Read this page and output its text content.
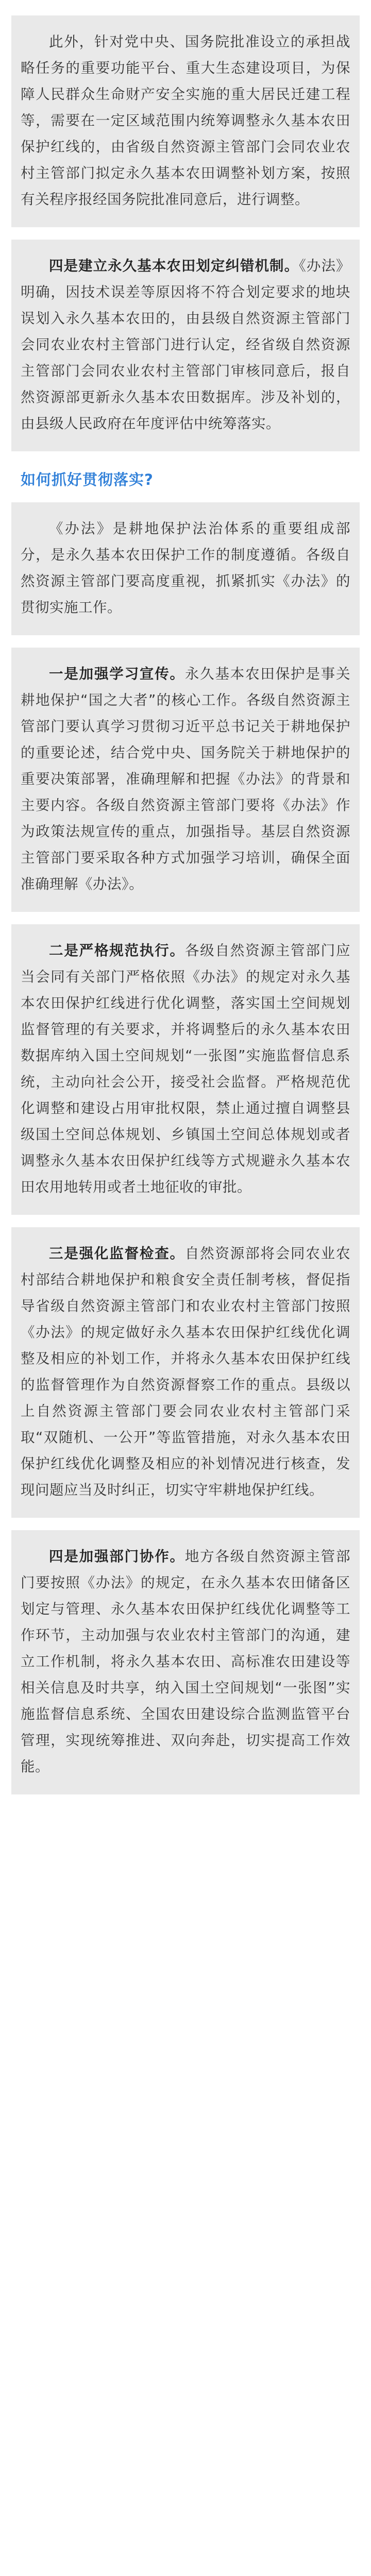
此外，针对党中央、国务院批准设立的承担战略任务的重要功能平台、重大生态建设项目，为保障人民群众生命财产安全实施的重大居民迁建工程等，需要在一定区域范围内统筹调整永久基本农田保护红线的，由省级自然资源主管部门会同农业农村主管部门拟定永久基本农田调整补划方案，按照有关程序报经国务院批准同意后，进行调整。

四是建立永久基本农田划定纠错机制。《办法》明确，因技术误差等原因将不符合划定要求的地块误划入永久基本农田的，由县级自然资源主管部门会同农业农村主管部门进行认定，经省级自然资源主管部门会同农业农村主管部门审核同意后，报自然资源部更新永久基本农田数据库。涉及补划的，由县级人民政府在年度评估中统筹落实。

如何抓好贯彻落实?

《办法》是耕地保护法治体系的重要组成部分，是永久基本农田保护工作的制度遵循。各级自然资源主管部门要高度重视，抓紧抓实《办法》的贯彻实施工作。

一是加强学习宣传。永久基本农田保护是事关耕地保护“国之大者”的核心工作。各级自然资源主管部门要认真学习贯彻习近平总书记关于耕地保护的重要论述，结合党中央、国务院关于耕地保护的重要决策部署，准确理解和把握《办法》的背景和主要内容。各级自然资源主管部门要将《办法》作为政策法规宣传的重点，加强指导。基层自然资源主管部门要采取各种方式加强学习培训，确保全面准确理解《办法》。

二是严格规范执行。各级自然资源主管部门应当会同有关部门严格依照《办法》的规定对永久基本农田保护红线进行优化调整，落实国土空间规划监督管理的有关要求，并将调整后的永久基本农田数据库纳入国土空间规划“一张图”实施监督信息系统，主动向社会公开，接受社会监督。严格规范优化调整和建设占用审批权限，禁止通过擅自调整县级国土空间总体规划、乡镇国土空间总体规划或者调整永久基本农田保护红线等方式规避永久基本农田农用地转用或者土地征收的审批。

三是强化监督检查。自然资源部将会同农业农村部结合耕地保护和粮食安全责任制考核，督促指导省级自然资源主管部门和农业农村主管部门按照《办法》的规定做好永久基本农田保护红线优化调整及相应的补划工作，并将永久基本农田保护红线的监督管理作为自然资源督察工作的重点。县级以上自然资源主管部门要会同农业农村主管部门采取“双随机、一公开”等监管措施，对永久基本农田保护红线优化调整及相应的补划情况进行核查，发现问题应当及时纠正，切实守牢耕地保护红线。

四是加强部门协作。地方各级自然资源主管部门要按照《办法》的规定，在永久基本农田储备区划定与管理、永久基本农田保护红线优化调整等工作环节，主动加强与农业农村主管部门的沟通，建立工作机制，将永久基本农田、高标准农田建设等相关信息及时共享，纳入国土空间规划“一张图”实施监督信息系统、全国农田建设综合监测监管平台管理，实现统筹推进、双向奔赴，切实提高工作效能。
